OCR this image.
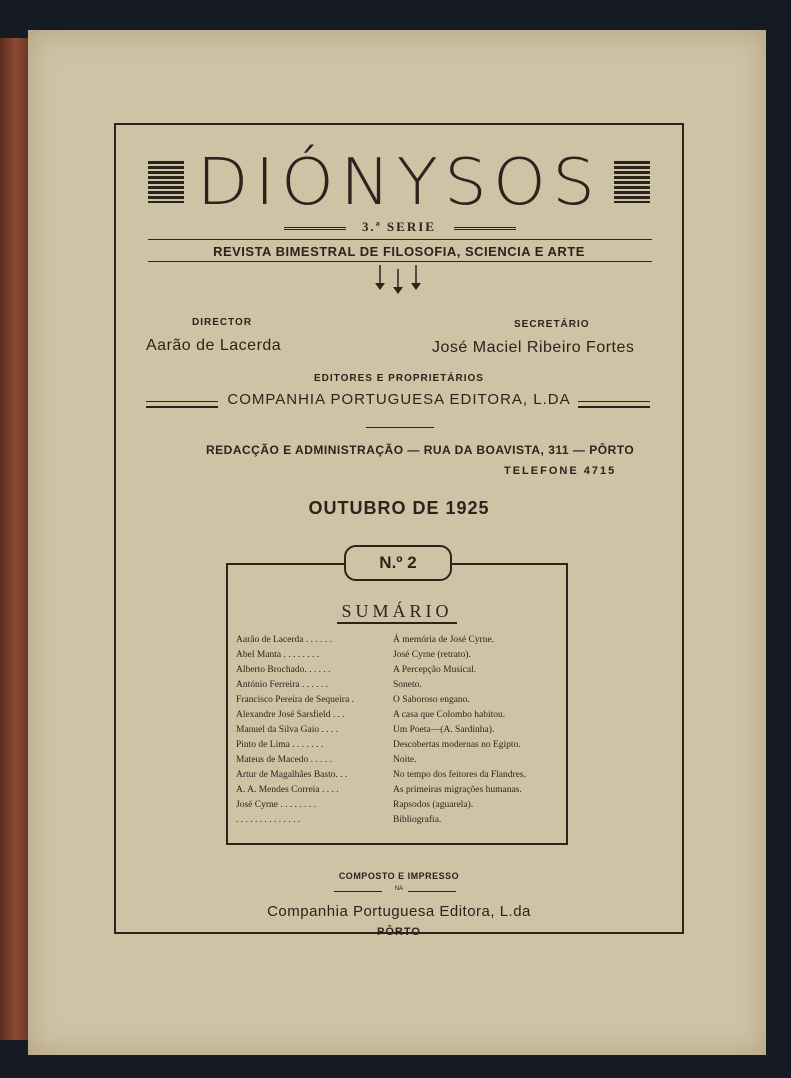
DIÓNYSOS
3.ª SERIE
REVISTA BIMESTRAL DE FILOSOFIA, SCIENCIA E ARTE
DIRECTOR
Aarão de Lacerda
SECRETÁRIO
José Maciel Ribeiro Fortes
EDITORES E PROPRIETÁRIOS
COMPANHIA PORTUGUESA EDITORA, L.DA
REDACÇÃO E ADMINISTRAÇÃO — RUA DA BOAVISTA, 311 — PÔRTO
TELEFONE 4715
OUTUBRO DE 1925
N.º 2
SUMÁRIO
Aarão de Lacerda . . . . . .	Á memória de José Cyrne.
Abel Manta . . . . . . . .	José Cyrne (retrato).
Alberto Brochado. . . . . .	A Percepção Musical.
António Ferreira . . . . . .	Soneto.
Francisco Pereira de Sequeira .	O Saboroso engano.
Alexandre José Sarsfield . . .	A casa que Colombo habitou.
Manuel da Silva Gaio . . . .	Um Poeta—(A. Sardinha).
Pinto de Lima . . . . . . .	Descobertas modernas no Egipto.
Mateus de Macedo . . . . .	Noite.
Artur de Magalhães Basto. . .	No tempo dos feitores da Flandres.
A. A. Mendes Correia . . . .	As primeiras migrações humanas.
José Cyrne . . . . . . . .	Rapsodos (aguarela).
. . . . . . . . . . . . . .	Bibliografia.
COMPOSTO E IMPRESSO
NA
Companhia Portuguesa Editora, L.da
PÔRTO
